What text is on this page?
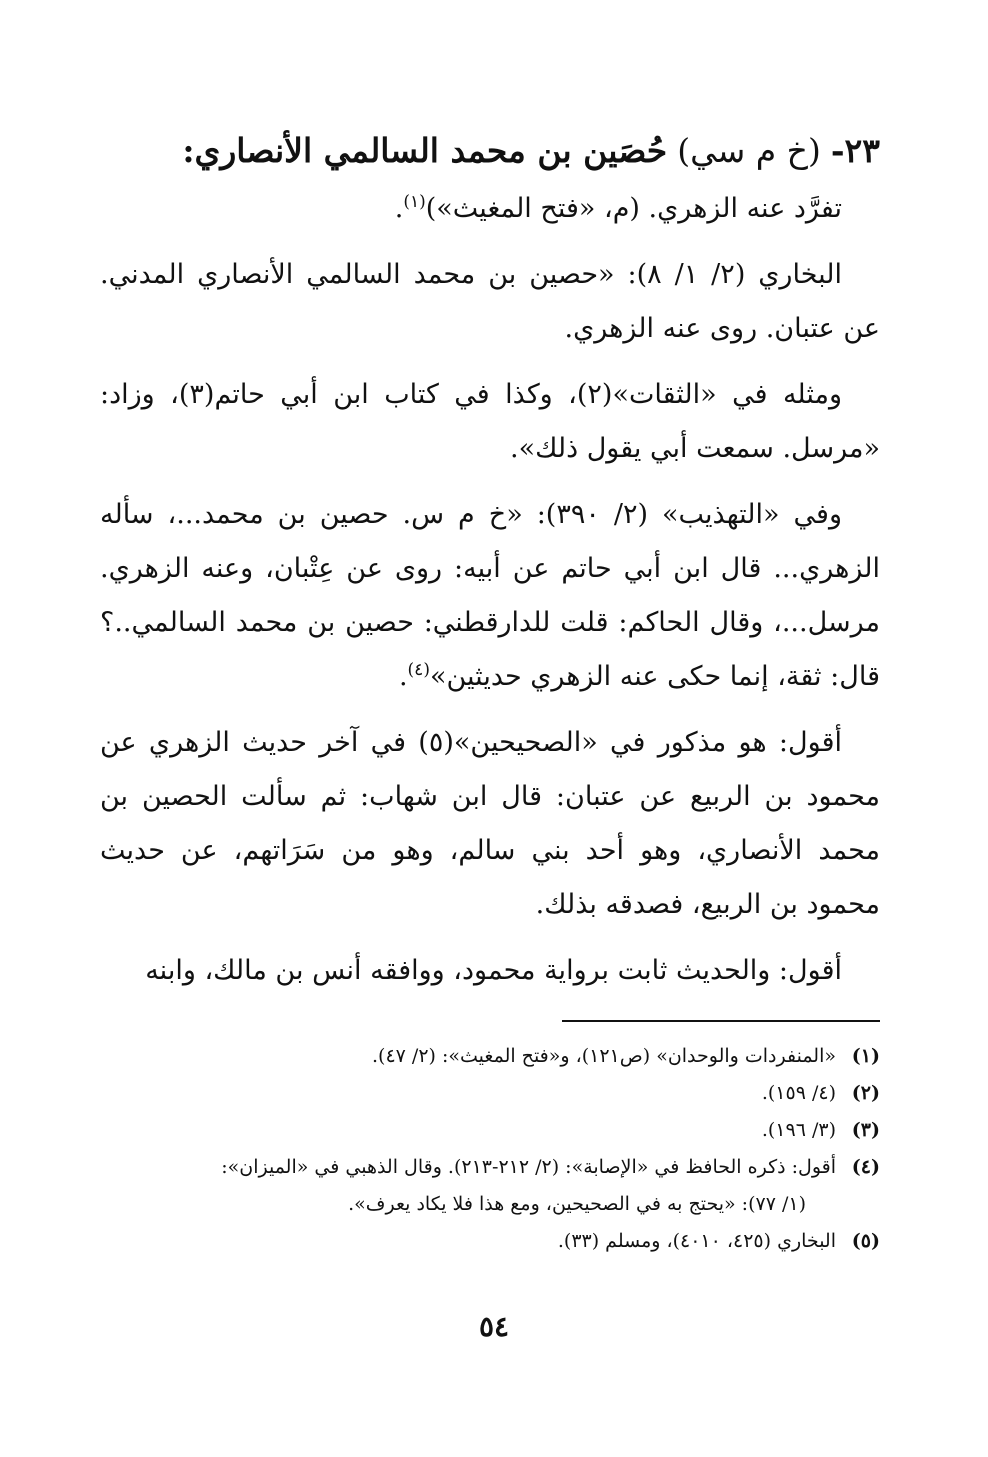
٢٣-(خ م سي)حُصَين بن محمد السالمي الأنصاري:

تفرَّد عنه الزهري. (م، «فتح المغيث»)$^{(١)}$.

البخاري (٢/ ١/ ٨): «حصين بن محمد السالمي الأنصاري المدني. عن عتبان. روى عنه الزهري.

ومثله في «الثقات»(٢)، وكذا في كتاب ابن أبي حاتم(٣)، وزاد: «مرسل. سمعت أبي يقول ذلك».

وفي «التهذيب» (٢/ ٣٩٠): «خ م س. حصين بن محمد...، سأله الزهري... قال ابن أبي حاتم عن أبيه: روى عن عِتْبان، وعنه الزهري. مرسل...، وقال الحاكم: قلت للدارقطني: حصين بن محمد السالمي..؟ قال: ثقة، إنما حكى عنه الزهري حديثين»$^{(٤)}$.

أقول: هو مذكور في «الصحيحين»(٥) في آخر حديث الزهري عن محمود بن الربيع عن عتبان: قال ابن شهاب: ثم سألت الحصين بن محمد الأنصاري، وهو أحد بني سالم، وهو من سَرَاتهم، عن حديث محمود بن الربيع، فصدقه بذلك.

أقول: والحديث ثابت برواية محمود، ووافقه أنس بن مالك، وابنه

(١)
«المنفردات والوحدان» (ص١٢١)، و«فتح المغيث»: (٢/ ٤٧).
(٢)
(٤/ ١٥٩).
(٣)
(٣/ ١٩٦).
(٤)
أقول: ذكره الحافظ في «الإصابة»: (٢/ ٢١٢-٢١٣). وقال الذهبي في «الميزان»:
(١/ ٧٧): «يحتج به في الصحيحين، ومع هذا فلا يكاد يعرف».
(٥)
البخاري (٤٢٥، ٤٠١٠)، ومسلم (٣٣).
٥٤
